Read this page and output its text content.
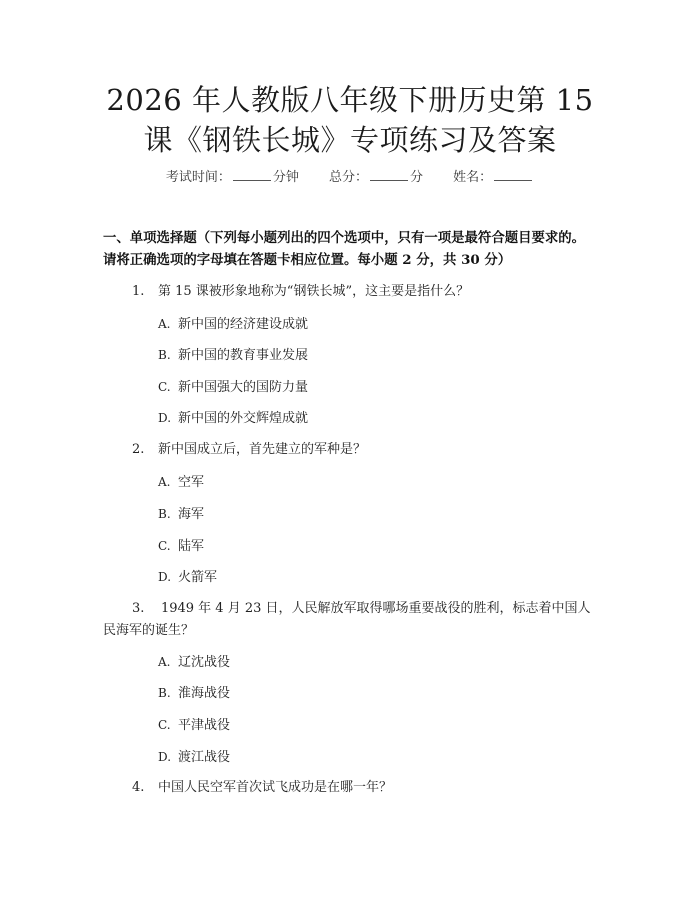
2026 年人教版八年级下册历史第 15 课《钢铁长城》专项练习及答案
考试时间：	分钟 总分：	分 姓名：
一、单项选择题（下列每小题列出的四个选项中，只有一项是最符合题目要求的。请将正确选项的字母填在答题卡相应位置。每小题 2 分，共 30 分）
1. 第 15 课被形象地称为“钢铁长城”，这主要是指什么？
A. 新中国的经济建设成就
B. 新中国的教育事业发展
C. 新中国强大的国防力量
D. 新中国的外交辉煌成就
2. 新中国成立后，首先建立的军种是？
A. 空军
B. 海军
C. 陆军
D. 火箭军
3. 1949 年 4 月 23 日，人民解放军取得哪场重要战役的胜利，标志着中国人民海军的诞生？
A. 辽沈战役
B. 淮海战役
C. 平津战役
D. 渡江战役
4. 中国人民空军首次试飞成功是在哪一年？
